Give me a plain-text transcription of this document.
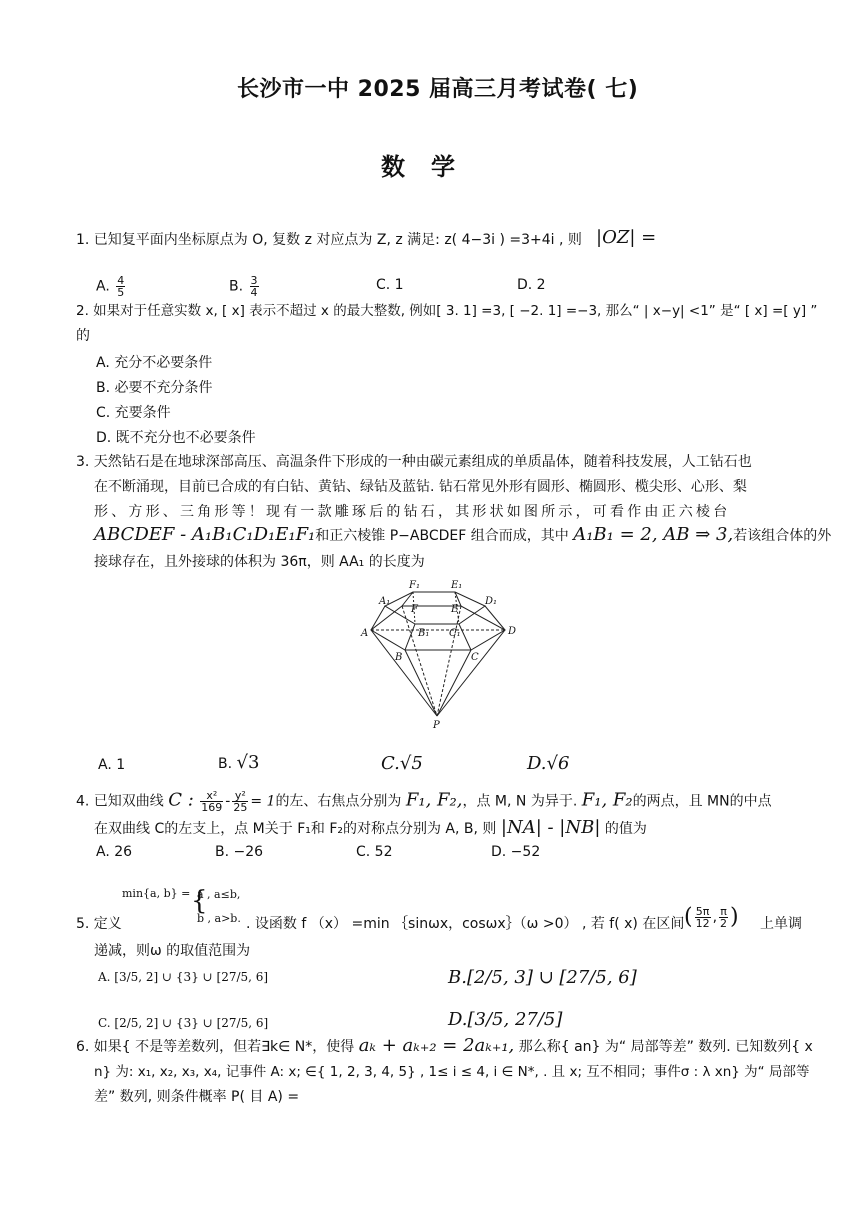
长沙市一中 2025 届高三月考试卷( 七)
数学
1. 已知复平面内坐标原点为 O, 复数 z 对应点为 Z, z 满足: z( 4−3i ) =3+4i , 则 |OZ| =
A. $\frac{4}{5}$	B. $\frac{3}{4}$	C. 1	D. 2
2. 如果对于任意实数 x, [ x] 表示不超过 x 的最大整数, 例如[ 3. 1] =3, [ −2. 1] =−3, 那么“ | x−y| <1” 是“ [ x] =[ y] ”
的
A. 充分不必要条件
B. 必要不充分条件
C. 充要条件
D. 既不充分也不必要条件
3. 天然钻石是在地球深部高压、高温条件下形成的一种由碳元素组成的单质晶体，随着科技发展，人工钻石也
在不断涌现，目前已合成的有白钻、黄钻、绿钻及蓝钻. 钻石常见外形有圆形、椭圆形、榄尖形、心形、梨
形、方形、三角形等！现有一款雕琢后的钻石，其形状如图所示，可看作由正六棱台
ABCDEF - A₁B₁C₁D₁E₁F₁和正六棱锥 P−ABCDEF 组合而成，其中 A₁B₁ = 2, AB ⇒ 3,若该组合体的外
接球存在，且外接球的体积为 36π，则 AA₁ 的长度为
F₁	E₁
A₁	D₁
F	E
A	D
B₁ C₁
B	C
P
A. 1	B. √3	C.√5	D.√6
4. 已知双曲线 C : $\frac{\text{x²}}{169} - \frac{\text{y²}}{25} = 1$的左、右焦点分别为 F₁, F₂,，点 M, N 为异于. F₁, F₂的两点，且 MN的中点
在双曲线 C的左支上，点 M关于 F₁和 F₂的对称点分别为 A, B, 则 |NA| - |NB| 的值为
A. 26	B. −26	C. 52	D. −52
min{a, b} = a , a≤b,
b , a>b.
{
5. 定义	. 设函数 f （x） =min ｛sinωx，cosωx｝（ω >0） , 若 f( x) 在区间 ( $\frac{5\pi}{12}$ , $\frac{\pi}{2}$ ) 上单调
递减，则ω 的取值范围为
A. [3/5, 2] ∪ {3} ∪ [27/5, 6]	B.[2/5, 3] ∪ [27/5, 6]
C. [2/5, 2] ∪ {3} ∪ [27/5, 6]	D.[3/5, 27/5]
6. 如果{ 不是等差数列，但若∃k∈ N*，使得 aₖ + aₖ₊₂ = 2aₖ₊₁, 那么称{ an} 为“ 局部等差” 数列. 已知数列{ x
n} 为: x₁, x₂, x₃, x₄, 记事件 A: x; ∈{ 1, 2, 3, 4, 5} , 1≤ i ≤ 4, i ∈ N*, . 且 x; 互不相同；事件σ : λ xn} 为“ 局部等
差” 数列, 则条件概率 P( 目 A) =
